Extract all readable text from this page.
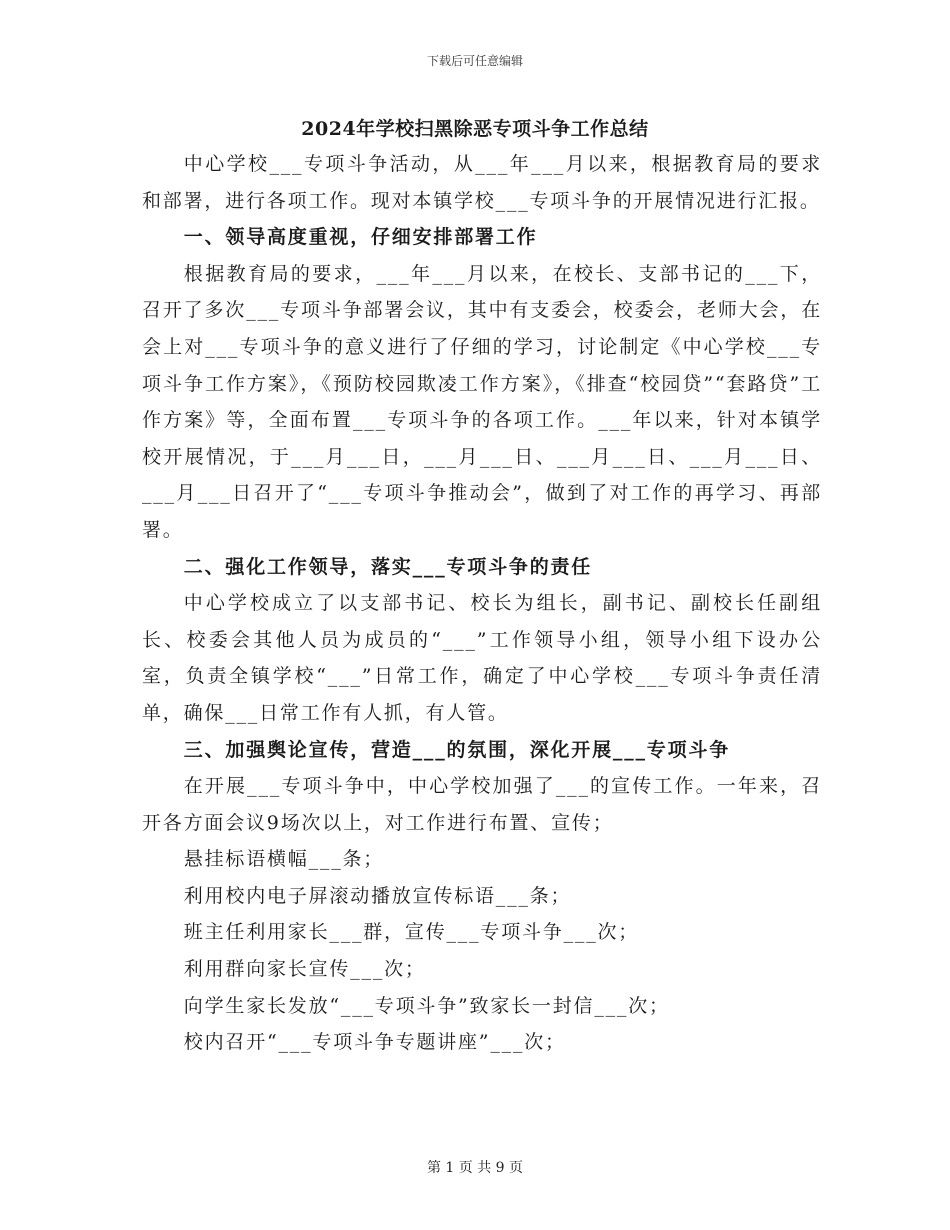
下载后可任意编辑
2024年学校扫黑除恶专项斗争工作总结

中心学校___专项斗争活动，从___年___月以来，根据教育局的要求和部署，进行各项工作。现对本镇学校___专项斗争的开展情况进行汇报。

一、领导高度重视，仔细安排部署工作

根据教育局的要求，___年___月以来，在校长、支部书记的___下，召开了多次___专项斗争部署会议，其中有支委会，校委会，老师大会，在会上对___专项斗争的意义进行了仔细的学习，讨论制定《中心学校___专项斗争工作方案》，《预防校园欺凌工作方案》，《排查“校园贷”“套路贷”工作方案》等，全面布置___专项斗争的各项工作。___年以来，针对本镇学校开展情况，于___月___日，___月___日、___月___日、___月___日、___月___日召开了“___专项斗争推动会”，做到了对工作的再学习、再部署。

二、强化工作领导，落实___专项斗争的责任

中心学校成立了以支部书记、校长为组长，副书记、副校长任副组长、校委会其他人员为成员的“___”工作领导小组，领导小组下设办公室，负责全镇学校“___”日常工作，确定了中心学校___专项斗争责任清单，确保___日常工作有人抓，有人管。

三、加强舆论宣传，营造___的氛围，深化开展___专项斗争

在开展___专项斗争中，中心学校加强了___的宣传工作。一年来，召开各方面会议9场次以上，对工作进行布置、宣传；

悬挂标语横幅___条；

利用校内电子屏滚动播放宣传标语___条；

班主任利用家长___群，宣传___专项斗争___次；

利用群向家长宣传___次；

向学生家长发放“___专项斗争”致家长一封信___次；

校内召开“___专项斗争专题讲座”___次；

第 1 页 共 9 页
